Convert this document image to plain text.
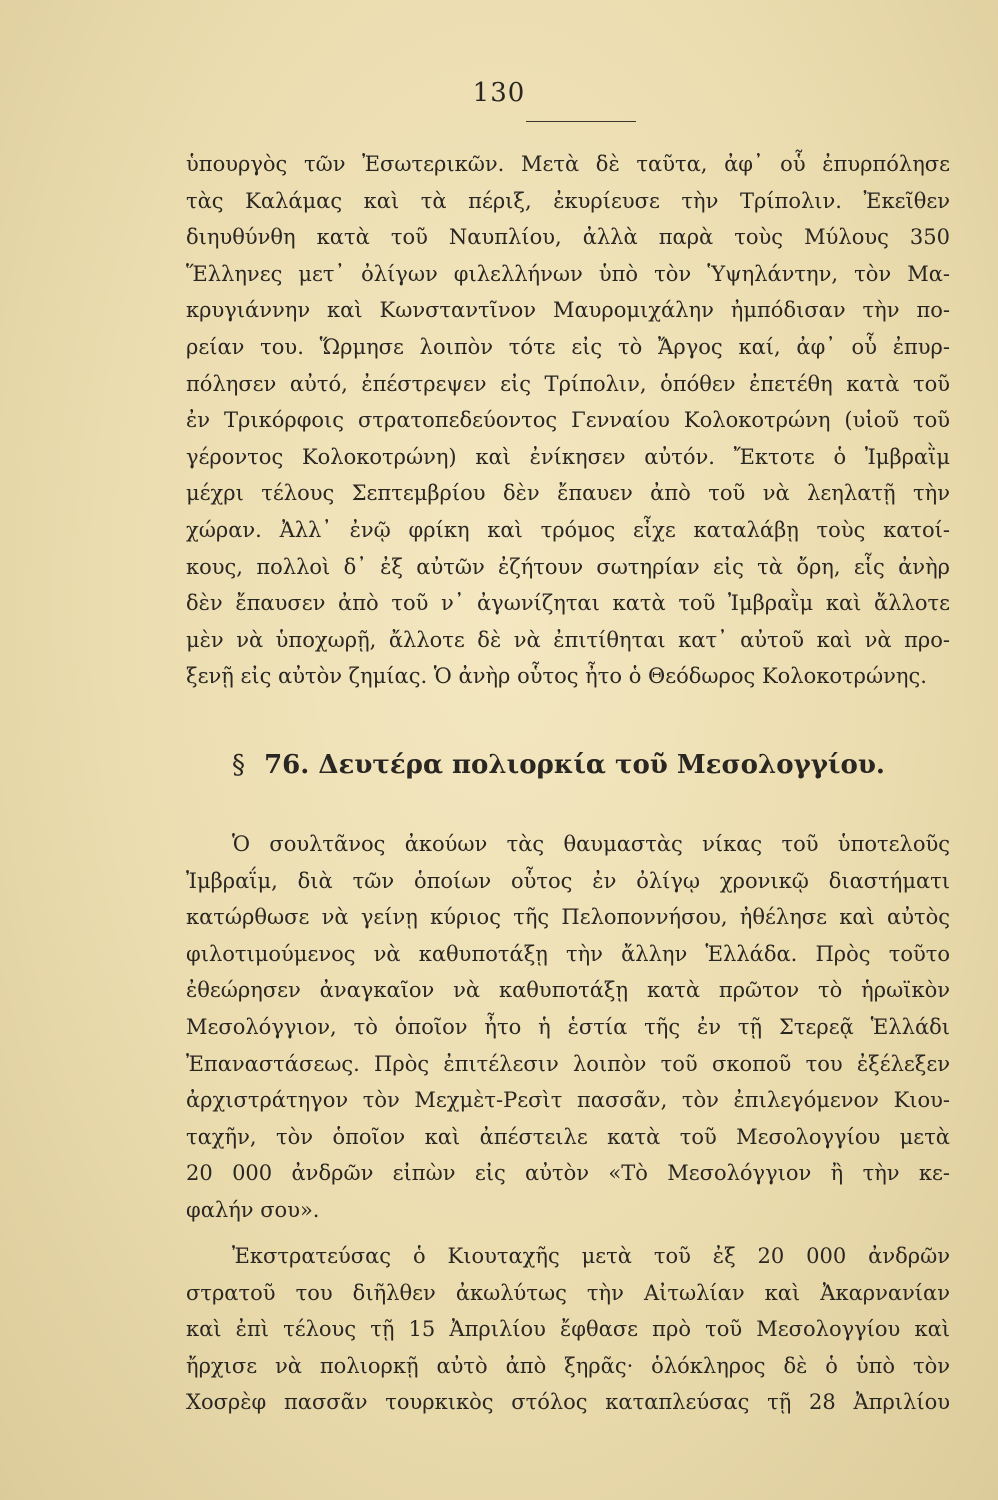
130
ὑπουργὸς τῶν Ἐσωτερικῶν. Μετὰ δὲ ταῦτα, ἀφ᾽ οὗ ἐπυρπόλησε
τὰς Καλάμας καὶ τὰ πέριξ, ἐκυρίευσε τὴν Τρίπολιν. Ἐκεῖθεν
διηυθύνθη κατὰ τοῦ Ναυπλίου, ἀλλὰ παρὰ τοὺς Μύλους 350
Ἕλληνες μετ᾽ ὀλίγων φιλελλήνων ὑπὸ τὸν Ὑψηλάντην, τὸν Μα-
κρυγιάννην καὶ Κωνσταντῖνον Μαυρομιχάλην ἠμπόδισαν τὴν πο-
ρείαν του. Ὥρμησε λοιπὸν τότε εἰς τὸ Ἄργος καί, ἀφ᾽ οὗ ἐπυρ-
πόλησεν αὐτό, ἐπέστρεψεν εἰς Τρίπολιν, ὁπόθεν ἐπετέθη κατὰ τοῦ
ἐν Τρικόρφοις στρατοπεδεύοντος Γενναίου Κολοκοτρώνη (υἱοῦ τοῦ
γέροντος Κολοκοτρώνη) καὶ ἐνίκησεν αὐτόν. Ἔκτοτε ὁ Ἰμβραῒμ
μέχρι τέλους Σεπτεμβρίου δὲν ἔπαυεν ἀπὸ τοῦ νὰ λεηλατῇ τὴν
χώραν. Ἀλλ᾽ ἐνῷ φρίκη καὶ τρόμος εἶχε καταλάβῃ τοὺς κατοί-
κους, πολλοὶ δ᾽ ἐξ αὐτῶν ἐζήτουν σωτηρίαν εἰς τὰ ὄρη, εἷς ἀνὴρ
δὲν ἔπαυσεν ἀπὸ τοῦ ν᾽ ἀγωνίζηται κατὰ τοῦ Ἰμβραῒμ καὶ ἄλλοτε
μὲν νὰ ὑποχωρῇ, ἄλλοτε δὲ νὰ ἐπιτίθηται κατ᾽ αὐτοῦ καὶ νὰ προ-
ξενῇ εἰς αὐτὸν ζημίας. Ὁ ἀνὴρ οὗτος ἦτο ὁ Θεόδωρος Κολοκοτρώνης.
§ 76. Δευτέρα πολιορκία τοῦ Μεσολογγίου.
Ὁ σουλτᾶνος ἀκούων τὰς θαυμαστὰς νίκας τοῦ ὑποτελοῦς
Ἰμβραΐμ, διὰ τῶν ὁποίων οὗτος ἐν ὀλίγῳ χρονικῷ διαστήματι
κατώρθωσε νὰ γείνῃ κύριος τῆς Πελοποννήσου, ἠθέλησε καὶ αὐτὸς
φιλοτιμούμενος νὰ καθυποτάξῃ τὴν ἄλλην Ἑλλάδα. Πρὸς τοῦτο
ἐθεώρησεν ἀναγκαῖον νὰ καθυποτάξῃ κατὰ πρῶτον τὸ ἡρωϊκὸν
Μεσολόγγιον, τὸ ὁποῖον ἦτο ἡ ἑστία τῆς ἐν τῇ Στερεᾷ Ἑλλάδι
Ἐπαναστάσεως. Πρὸς ἐπιτέλεσιν λοιπὸν τοῦ σκοποῦ του ἐξέλεξεν
ἀρχιστράτηγον τὸν Μεχμὲτ-Ρεσὶτ πασσᾶν, τὸν ἐπιλεγόμενον Κιου-
ταχῆν, τὸν ὁποῖον καὶ ἀπέστειλε κατὰ τοῦ Μεσολογγίου μετὰ
20 000 ἀνδρῶν εἰπὼν εἰς αὐτὸν «Τὸ Μεσολόγγιον ἢ τὴν κε-
φαλήν σου».
Ἐκστρατεύσας ὁ Κιουταχῆς μετὰ τοῦ ἐξ 20 000 ἀνδρῶν
στρατοῦ του διῆλθεν ἀκωλύτως τὴν Αἰτωλίαν καὶ Ἀκαρνανίαν
καὶ ἐπὶ τέλους τῇ 15 Ἀπριλίου ἔφθασε πρὸ τοῦ Μεσολογγίου καὶ
ἤρχισε νὰ πολιορκῇ αὐτὸ ἀπὸ ξηρᾶς· ὁλόκληρος δὲ ὁ ὑπὸ τὸν
Χοσρὲφ πασσᾶν τουρκικὸς στόλος καταπλεύσας τῇ 28 Ἀπριλίου
